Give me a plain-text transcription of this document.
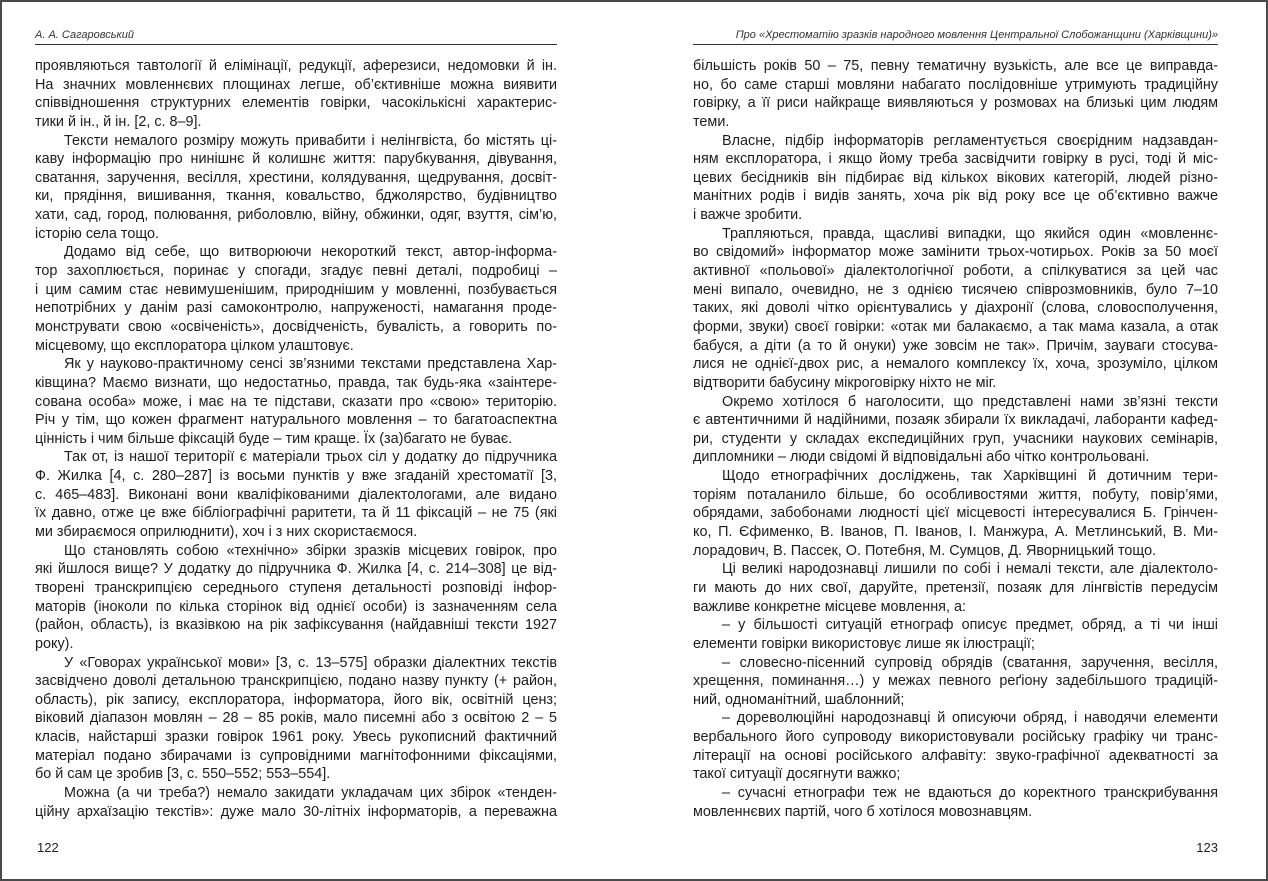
А. А. Сагаровський
проявляються тавтології й елімінації, редукції, аферезиси, недомовки й ін.
На значних мовленнєвих площинах легше, об’єктивніше можна виявити
співвідношення структурних елементів говірки, часокількісні характерис-
тики й ін., й ін. [2, с. 8–9].
Тексти немалого розміру можуть привабити і нелінгвіста, бо містять ці-
каву інформацію про нинішнє й колишнє життя: парубкування, дівування,
сватання, заручення, весілля, хрестини, колядування, щедрування, досвіт-
ки, прядіння, вишивання, ткання, ковальство, бджолярство, будівництво
хати, сад, город, полювання, риболовлю, війну, обжинки, одяг, взуття, сім’ю,
історію села тощо.
Додамо від себе, що витворюючи некороткий текст, автор-інформа-
тор захоплюється, поринає у спогади, згадує певні деталі, подробиці –
і цим самим стає невимушенішим, природнішим у мовленні, позбувається
непотрібних у данім разі самоконтролю, напруженості, намагання проде-
монструвати свою «освіченість», досвідченість, бувалість, а говорить по-
місцевому, що експлоратора цілком улаштовує.
Як у науково-практичному сенсі зв’язними текстами представлена Хар-
ківщина? Маємо визнати, що недостатньо, правда, так будь-яка «заінтере-
сована особа» може, і має на те підстави, сказати про «свою» територію.
Річ у тім, що кожен фрагмент натурального мовлення – то багатоаспектна
цінність і чим більше фіксацій буде – тим краще. Їх (за)багато не буває.
Так от, із нашої території є матеріали трьох сіл у додатку до підручника
Ф. Жилка [4, с. 280–287] із восьми пунктів у вже згаданій хрестоматії [3,
с. 465–483]. Виконані вони кваліфікованими діалектологами, але видано
їх давно, отже це вже бібліографічні раритети, та й 11 фіксацій – не 75 (які
ми збираємося оприлюднити), хоч і з них скористаємося.
Що становлять собою «технічно» збірки зразків місцевих говірок, про
які йшлося вище? У додатку до підручника Ф. Жилка [4, с. 214–308] це від-
творені транскрипцією середнього ступеня детальності розповіді інфор-
маторів (іноколи по кілька сторінок від однієї особи) із зазначенням села
(район, область), із вказівкою на рік зафіксування (найдавніші тексти 1927
року).
У «Говорах української мови» [3, с. 13–575] образки діалектних текстів
засвідчено доволі детальною транскрипцією, подано назву пункту (+ район,
область), рік запису, експлоратора, інформатора, його вік, освітній ценз;
віковий діапазон мовлян – 28 – 85 років, мало писемні або з освітою 2 – 5
класів, найстарші зразки говірок 1961 року. Увесь рукописний фактичний
матеріал подано збирачами із супровідними магнітофонними фіксаціями,
бо й сам це зробив [3, с. 550–552; 553–554].
Можна (а чи треба?) немало закидати укладачам цих збірок «тенден-
ційну архаїзацію текстів»: дуже мало 30-літніх інформаторів, а переважна
122
Про «Хрестоматію зразків народного мовлення Центральної Слобожанщини (Харківщини)»
більшість років 50 – 75, певну тематичну вузькість, але все це виправда-
но, бо саме старші мовляни набагато послідовніше утримують традиційну
говірку, а її риси найкраще виявляються у розмовах на близькі цим людям
теми.
Власне, підбір інформаторів регламентується своєрідним надзавдан-
ням експлоратора, і якщо йому треба засвідчити говірку в русі, тоді й міс-
цевих бесідників він підбирає від кількох вікових категорій, людей різно-
манітних родів і видів занять, хоча рік від року все це об’єктивно важче
і важче зробити.
Трапляються, правда, щасливі випадки, що якийся один «мовленнє-
во свідомий» інформатор може замінити трьох-чотирьох. Років за 50 моєї
активної «польової» діалектологічної роботи, а спілкуватися за цей час
мені випало, очевидно, не з однією тисячею співрозмовників, було 7–10
таких, які доволі чітко орієнтувались у діахронії (слова, словосполучення,
форми, звуки) своєї говірки: «отак ми балакаємо, а так мама казала, а отак
бабуся, а діти (а то й онуки) уже зовсім не так». Причім, зауваги стосува-
лися не однієї-двох рис, а немалого комплексу їх, хоча, зрозуміло, цілком
відтворити бабусину мікроговірку ніхто не міг.
Окремо хотілося б наголосити, що представлені нами зв’язні тексти
є автентичними й надійними, позаяк збирали їх викладачі, лаборанти кафед-
ри, студенти у складах експедиційних груп, учасники наукових семінарів,
дипломники – люди свідомі й відповідальні або чітко контрольовані.
Щодо етнографічних досліджень, так Харківщині й дотичним тери-
торіям поталанило більше, бо особливостями життя, побуту, повір’ями,
обрядами, забобонами людності цієї місцевості інтересувалися Б. Грінчен-
ко, П. Єфименко, В. Іванов, П. Іванов, І. Манжура, А. Метлинський, В. Ми-
лорадович, В. Пассек, О. Потебня, М. Сумцов, Д. Яворницький тощо.
Ці великі народознавці лишили по собі і немалі тексти, але діалектоло-
ги мають до них свої, даруйте, претензії, позаяк для лінгвістів передусім
важливе конкретне місцеве мовлення, а:
– у більшості ситуацій етнограф описує предмет, обряд, а ті чи інші
елементи говірки використовує лише як ілюстрації;
– словесно-пісенний супровід обрядів (сватання, заручення, весілля,
хрещення, поминання…) у межах певного реґіону задебільшого традицій-
ний, одноманітний, шаблонний;
– дореволюційні народознавці й описуючи обряд, і наводячи елементи
вербального його супроводу використовували російську графіку чи транс-
літерації на основі російського алфавіту: звуко-графічної адекватності за
такої ситуації досягнути важко;
– сучасні етнографи теж не вдаються до коректного транскрибування
мовленнєвих партій, чого б хотілося мовознавцям.
123
